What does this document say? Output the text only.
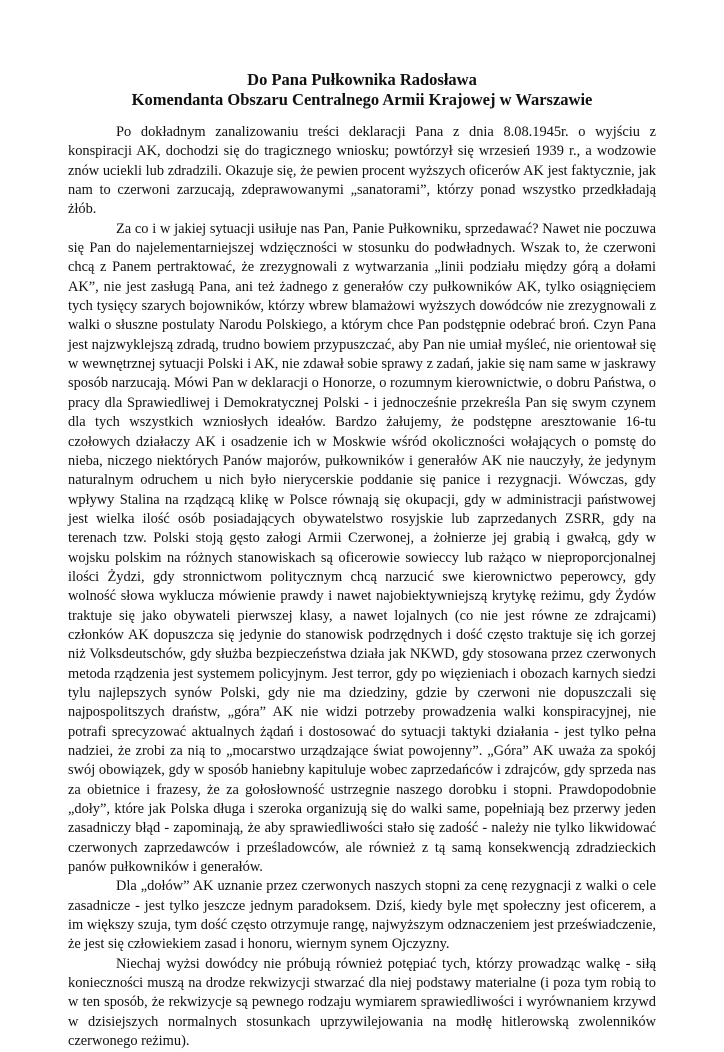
Do Pana Pułkownika Radosława

Komendanta Obszaru Centralnego Armii Krajowej w Warszawie

Po dokładnym zanalizowaniu treści deklaracji Pana z dnia 8.08.1945r. o wyjściu z konspiracji AK, dochodzi się do tragicznego wniosku; powtórzył się wrzesień 1939 r., a wodzowie znów uciekli lub zdradzili. Okazuje się, że pewien procent wyższych oficerów AK jest faktycznie, jak nam to czerwoni zarzucają, zdeprawowanymi „sanatorami”, którzy ponad wszystko przedkładają żłób.

Za co i w jakiej sytuacji usiłuje nas Pan, Panie Pułkowniku, sprzedawać? Nawet nie poczuwa się Pan do najelementarniejszej wdzięczności w stosunku do podwładnych. Wszak to, że czerwoni chcą z Panem pertraktować, że zrezygnowali z wytwarzania „linii podziału między górą a dołami AK”, nie jest zasługą Pana, ani też żadnego z generałów czy pułkowników AK, tylko osiągnięciem tych tysięcy szarych bojowników, którzy wbrew blamażowi wyższych dowódców nie zrezygnowali z walki o słuszne postulaty Narodu Polskiego, a którym chce Pan podstępnie odebrać broń. Czyn Pana jest najzwyklejszą zdradą, trudno bowiem przypuszczać, aby Pan nie umiał myśleć, nie orientował się w wewnętrznej sytuacji Polski i AK, nie zdawał sobie sprawy z zadań, jakie się nam same w jaskrawy sposób narzucają. Mówi Pan w deklaracji o Honorze, o rozumnym kierownictwie, o dobru Państwa, o pracy dla Sprawiedliwej i Demokratycznej Polski - i jednocześnie przekreśla Pan się swym czynem dla tych wszystkich wzniosłych ideałów. Bardzo żałujemy, że podstępne aresztowanie 16-tu czołowych działaczy AK i osadzenie ich w Moskwie wśród okoliczności wołających o pomstę do nieba, niczego niektórych Panów majorów, pułkowników i generałów AK nie nauczyły, że jedynym naturalnym odruchem u nich było nierycerskie poddanie się panice i rezygnacji. Wówczas, gdy wpływy Stalina na rządzącą klikę w Polsce równają się okupacji, gdy w administracji państwowej jest wielka ilość osób posiadających obywatelstwo rosyjskie lub zaprzedanych ZSRR, gdy na terenach tzw. Polski stoją gęsto załogi Armii Czerwonej, a żołnierze jej grabią i gwałcą, gdy w wojsku polskim na różnych stanowiskach są oficerowie sowieccy lub rażąco w nieproporcjonalnej ilości Żydzi, gdy stronnictwom politycznym chcą narzucić swe kierownictwo peperowcy, gdy wolność słowa wyklucza mówienie prawdy i nawet najobiektywniejszą krytykę reżimu, gdy Żydów traktuje się jako obywateli pierwszej klasy, a nawet lojalnych (co nie jest równe ze zdrajcami) członków AK dopuszcza się jedynie do stanowisk podrzędnych i dość często traktuje się ich gorzej niż Volksdeutschów, gdy służba bezpieczeństwa działa jak NKWD, gdy stosowana przez czerwonych metoda rządzenia jest systemem policyjnym. Jest terror, gdy po więzieniach i obozach karnych siedzi tylu najlepszych synów Polski, gdy nie ma dziedziny, gdzie by czerwoni nie dopuszczali się najpospolitszych draństw, „góra” AK nie widzi potrzeby prowadzenia walki konspiracyjnej, nie potrafi sprecyzować aktualnych żądań i dostosować do sytuacji taktyki działania - jest tylko pełna nadziei, że zrobi za nią to „mocarstwo urządzające świat powojenny”. „Góra” AK uważa za spokój swój obowiązek, gdy w sposób haniebny kapituluje wobec zaprzedańców i zdrajców, gdy sprzeda nas za obietnice i frazesy, że za gołosłowność ustrzegnie naszego dorobku i stopni. Prawdopodobnie „doły”, które jak Polska długa i szeroka organizują się do walki same, popełniają bez przerwy jeden zasadniczy błąd - zapominają, że aby sprawiedliwości stało się zadość - należy nie tylko likwidować czerwonych zaprzedawców i prześladowców, ale również z tą samą konsekwencją zdradzieckich panów pułkowników i generałów.

Dla „dołów” AK uznanie przez czerwonych naszych stopni za cenę rezygnacji z walki o cele zasadnicze - jest tylko jeszcze jednym paradoksem. Dziś, kiedy byle męt społeczny jest oficerem, a im większy szuja, tym dość często otrzymuje rangę, najwyższym odznaczeniem jest przeświadczenie, że jest się człowiekiem zasad i honoru, wiernym synem Ojczyzny.

Niechaj wyżsi dowódcy nie próbują również potępiać tych, którzy prowadząc walkę - siłą konieczności muszą na drodze rekwizycji stwarzać dla niej podstawy materialne (i poza tym robią to w ten sposób, że rekwizycje są pewnego rodzaju wymiarem sprawiedliwości i wyrównaniem krzywd w dzisiejszych normalnych stosunkach uprzywilejowania na modłę hitlerowską zwolenników czerwonego reżimu).
